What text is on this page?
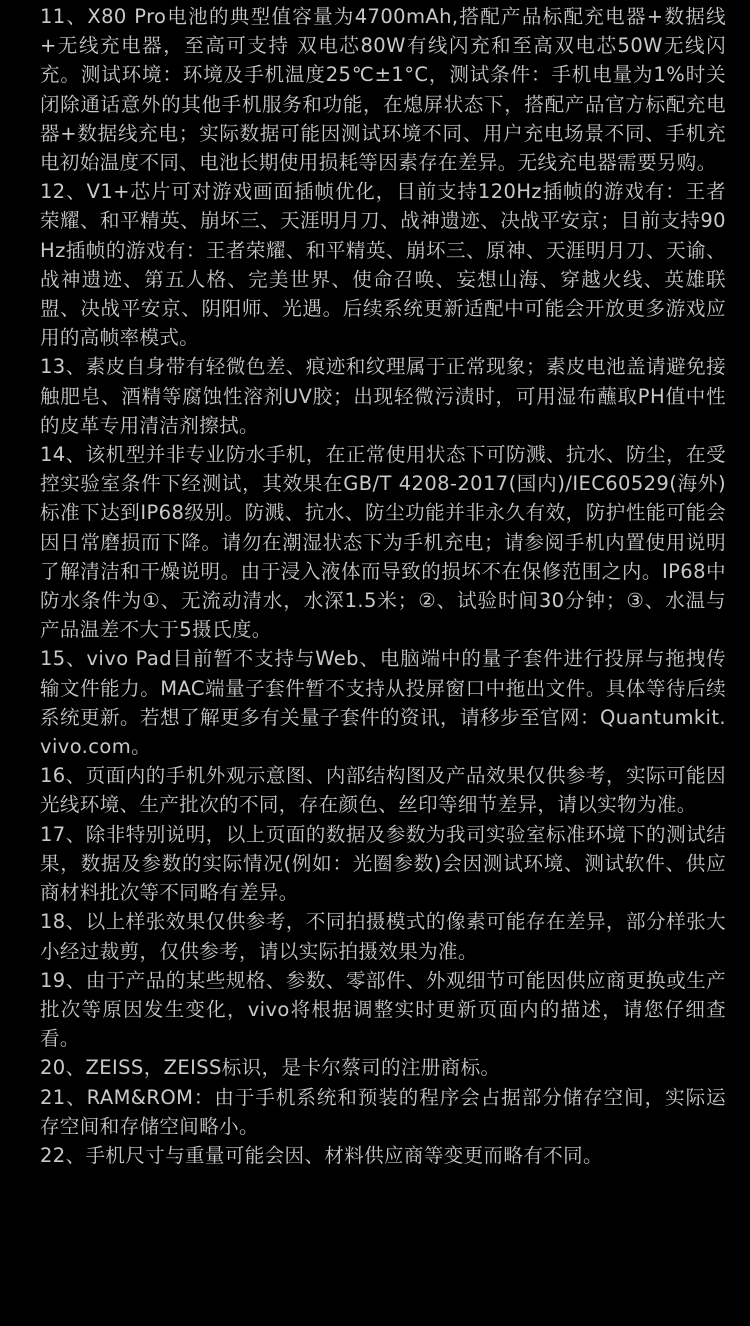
11、X80 Pro电池的典型值容量为4700mAh,搭配产品标配充电器+数据线+无线充电器，至高可支持 双电芯80W有线闪充和至高双电芯50W无线闪充。测试环境：环境及手机温度25℃±1°C，测试条件：手机电量为1%时关闭除通话意外的其他手机服务和功能，在熄屏状态下，搭配产品官方标配充电器+数据线充电；实际数据可能因测试环境不同、用户充电场景不同、手机充电初始温度不同、电池长期使用损耗等因素存在差异。无线充电器需要另购。
12、V1+芯片可对游戏画面插帧优化，目前支持120Hz插帧的游戏有：王者荣耀、和平精英、崩坏三、天涯明月刀、战神遗迹、决战平安京；目前支持90Hz插帧的游戏有：王者荣耀、和平精英、崩坏三、原神、天涯明月刀、天谕、战神遗迹、第五人格、完美世界、使命召唤、妄想山海、穿越火线、英雄联盟、决战平安京、阴阳师、光遇。后续系统更新适配中可能会开放更多游戏应用的高帧率模式。
13、素皮自身带有轻微色差、痕迹和纹理属于正常现象；素皮电池盖请避免接触肥皂、酒精等腐蚀性溶剂UV胶；出现轻微污渍时，可用湿布蘸取PH值中性的皮革专用清洁剂擦拭。
14、该机型并非专业防水手机，在正常使用状态下可防溅、抗水、防尘，在受控实验室条件下经测试，其效果在GB/T 4208-2017(国内)/IEC60529(海外)标准下达到IP68级别。防溅、抗水、防尘功能并非永久有效，防护性能可能会因日常磨损而下降。请勿在潮湿状态下为手机充电；请参阅手机内置使用说明了解清洁和干燥说明。由于浸入液体而导致的损坏不在保修范围之内。IP68中防水条件为①、无流动清水，水深1.5米；②、试验时间30分钟；③、水温与产品温差不大于5摄氏度。
15、vivo Pad目前暂不支持与Web、电脑端中的量子套件进行投屏与拖拽传输文件能力。MAC端量子套件暂不支持从投屏窗口中拖出文件。具体等待后续系统更新。若想了解更多有关量子套件的资讯，请移步至官网：Quantumkit.vivo.com。
16、页面内的手机外观示意图、内部结构图及产品效果仅供参考，实际可能因光线环境、生产批次的不同，存在颜色、丝印等细节差异，请以实物为准。
17、除非特别说明，以上页面的数据及参数为我司实验室标准环境下的测试结果，数据及参数的实际情况(例如：光圈参数)会因测试环境、测试软件、供应商材料批次等不同略有差异。
18、以上样张效果仅供参考，不同拍摄模式的像素可能存在差异，部分样张大小经过裁剪，仅供参考，请以实际拍摄效果为准。
19、由于产品的某些规格、参数、零部件、外观细节可能因供应商更换或生产批次等原因发生变化，vivo将根据调整实时更新页面内的描述，请您仔细查看。
20、ZEISS，ZEISS标识，是卡尔蔡司的注册商标。
21、RAM&ROM：由于手机系统和预装的程序会占据部分储存空间，实际运存空间和存储空间略小。
22、手机尺寸与重量可能会因、材料供应商等变更而略有不同。
